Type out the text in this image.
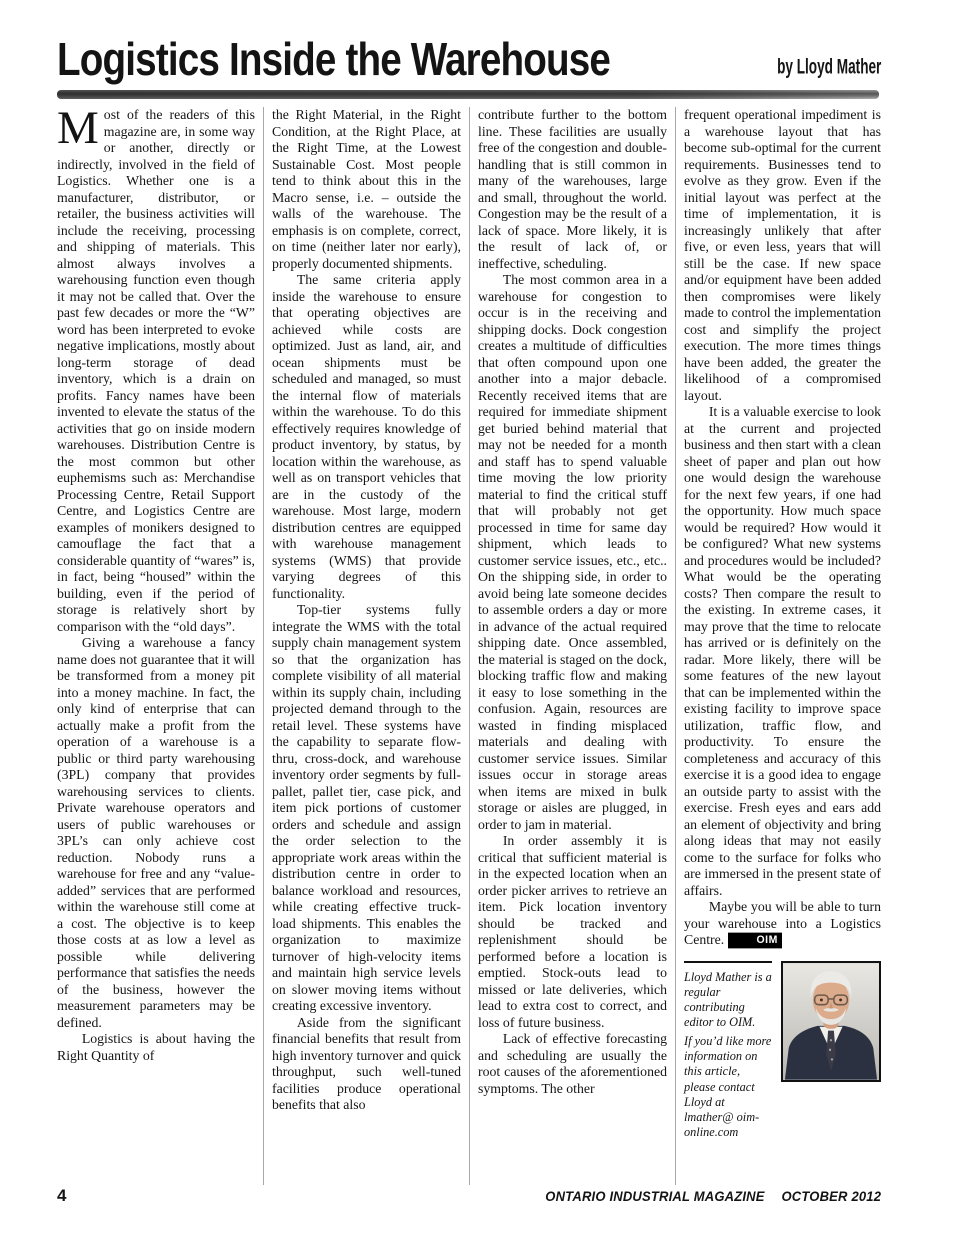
Logistics Inside the Warehouse	by Lloyd Mather

Most of the readers of this magazine are, in some way or another, directly or indirectly, involved in the field of Logistics. Whether one is a manufacturer, distributor, or retailer, the business activities will include the receiving, processing and shipping of materials. This almost always involves a warehousing function even though it may not be called that. Over the past few decades or more the “W” word has been interpreted to evoke negative implications, mostly about long-term storage of dead inventory, which is a drain on profits. Fancy names have been invented to elevate the status of the activities that go on inside modern warehouses. Distribution Centre is the most common but other euphemisms such as: Merchandise Processing Centre, Retail Support Centre, and Logistics Centre are examples of monikers designed to camouflage the fact that a considerable quantity of “wares” is, in fact, being “housed” within the building, even if the period of storage is relatively short by comparison with the “old days”.

Giving a warehouse a fancy name does not guarantee that it will be transformed from a money pit into a money machine. In fact, the only kind of enterprise that can actually make a profit from the operation of a warehouse is a public or third party warehousing (3PL) company that provides warehousing services to clients. Private warehouse operators and users of public warehouses or 3PL’s can only achieve cost reduction. Nobody runs a warehouse for free and any “value-added” services that are performed within the warehouse still come at a cost. The objective is to keep those costs at as low a level as possible while delivering performance that satisfies the needs of the business, however the measurement parameters may be defined.

Logistics is about having the Right Quantity of

the Right Material, in the Right Condition, at the Right Place, at the Right Time, at the Lowest Sustainable Cost. Most people tend to think about this in the Macro sense, i.e. – outside the walls of the warehouse. The emphasis is on complete, correct, on time (neither later nor early), properly documented shipments.

The same criteria apply inside the warehouse to ensure that operating objectives are achieved while costs are optimized. Just as land, air, and ocean shipments must be scheduled and managed, so must the internal flow of materials within the warehouse. To do this effectively requires knowledge of product inventory, by status, by location within the warehouse, as well as on transport vehicles that are in the custody of the warehouse. Most large, modern distribution centres are equipped with warehouse management systems (WMS) that provide varying degrees of this functionality.

Top-tier systems fully integrate the WMS with the total supply chain management system so that the organization has complete visibility of all material within its supply chain, including projected demand through to the retail level. These systems have the capability to separate flow-thru, cross-dock, and warehouse inventory order segments by full-pallet, pallet tier, case pick, and item pick portions of customer orders and schedule and assign the order selection to the appropriate work areas within the distribution centre in order to balance workload and resources, while creating effective truck-load shipments. This enables the organization to maximize turnover of high-velocity items and maintain high service levels on slower moving items without creating excessive inventory.

Aside from the significant financial benefits that result from high inventory turnover and quick throughput, such well-tuned facilities produce operational benefits that also

contribute further to the bottom line. These facilities are usually free of the congestion and double-handling that is still common in many of the warehouses, large and small, throughout the world. Congestion may be the result of a lack of space. More likely, it is the result of lack of, or ineffective, scheduling.

The most common area in a warehouse for congestion to occur is in the receiving and shipping docks. Dock congestion creates a multitude of difficulties that often compound upon one another into a major debacle. Recently received items that are required for immediate shipment get buried behind material that may not be needed for a month and staff has to spend valuable time moving the low priority material to find the critical stuff that will probably not get processed in time for same day shipment, which leads to customer service issues, etc., etc.. On the shipping side, in order to avoid being late someone decides to assemble orders a day or more in advance of the actual required shipping date. Once assembled, the material is staged on the dock, blocking traffic flow and making it easy to lose something in the confusion. Again, resources are wasted in finding misplaced materials and dealing with customer service issues. Similar issues occur in storage areas when items are mixed in bulk storage or aisles are plugged, in order to jam in material.

In order assembly it is critical that sufficient material is in the expected location when an order picker arrives to retrieve an item. Pick location inventory should be tracked and replenishment should be performed before a location is emptied. Stock-outs lead to missed or late deliveries, which lead to extra cost to correct, and loss of future business.

Lack of effective forecasting and scheduling are usually the root causes of the aforementioned symptoms. The other

frequent operational impediment is a warehouse layout that has become sub-optimal for the current requirements. Businesses tend to evolve as they grow. Even if the initial layout was perfect at the time of implementation, it is increasingly unlikely that after five, or even less, years that will still be the case. If new space and/or equipment have been added then compromises were likely made to control the implementation cost and simplify the project execution. The more times things have been added, the greater the likelihood of a compromised layout.

It is a valuable exercise to look at the current and projected business and then start with a clean sheet of paper and plan out how one would design the warehouse for the next few years, if one had the opportunity. How much space would be required? How would it be configured? What new systems and procedures would be included? What would be the operating costs? Then compare the result to the existing. In extreme cases, it may prove that the time to relocate has arrived or is definitely on the radar. More likely, there will be some features of the new layout that can be implemented within the existing facility to improve space utilization, traffic flow, and productivity. To ensure the completeness and accuracy of this exercise it is a good idea to engage an outside party to assist with the exercise. Fresh eyes and ears add an element of objectivity and bring along ideas that may not easily come to the surface for folks who are immersed in the present state of affairs.

Maybe you will be able to turn your warehouse into a Logistics Centre.	OIM

Lloyd Mather is a regular contributing editor to OIM.

If you’d like more information on this article, please contact Lloyd at lmather@ oim-online.com

4	ONTARIO INDUSTRIAL MAGAZINE OCTOBER 2012
